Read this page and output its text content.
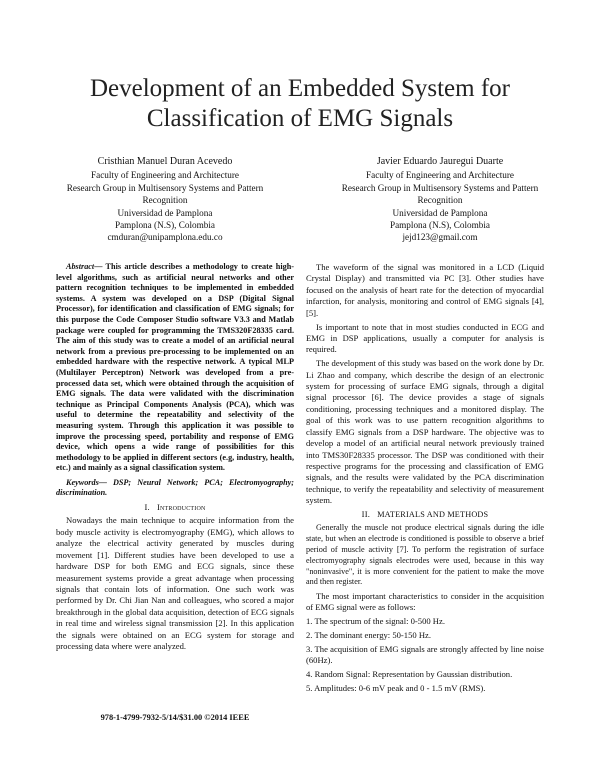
Development of an Embedded System for
Classification of EMG Signals
Cristhian Manuel Duran Acevedo
Faculty of Engineering and Architecture
Research Group in Multisensory Systems and Pattern
Recognition
Universidad de Pamplona
Pamplona (N.S), Colombia
cmduran@unipamplona.edu.co
Javier Eduardo Jauregui Duarte
Faculty of Engineering and Architecture
Research Group in Multisensory Systems and Pattern
Recognition
Universidad de Pamplona
Pamplona (N.S), Colombia
jejd123@gmail.com

Abstract— This article describes a methodology to create high-level algorithms, such as artificial neural networks and other pattern recognition techniques to be implemented in embedded systems. A system was developed on a DSP (Digital Signal Processor), for identification and classification of EMG signals; for this purpose the Code Composer Studio software V3.3 and Matlab package were coupled for programming the TMS320F28335 card. The aim of this study was to create a model of an artificial neural network from a previous pre-processing to be implemented on an embedded hardware with the respective network. A typical MLP (Multilayer Perceptron) Network was developed from a pre-processed data set, which were obtained through the acquisition of EMG signals. The data were validated with the discrimination technique as Principal Components Analysis (PCA), which was useful to determine the repeatability and selectivity of the measuring system. Through this application it was possible to improve the processing speed, portability and response of EMG device, which opens a wide range of possibilities for this methodology to be applied in different sectors (e.g, industry, health, etc.) and mainly as a signal classification system.

Keywords— DSP; Neural Network; PCA; Electromyography; discrimination.

I. Introduction

Nowadays the main technique to acquire information from the body muscle activity is electromyography (EMG), which allows to analyze the electrical activity generated by muscles during movement [1]. Different studies have been developed to use a hardware DSP for both EMG and ECG signals, since these measurement systems provide a great advantage when processing signals that contain lots of information. One such work was performed by Dr. Chi Jian Nan and colleagues, who scored a major breakthrough in the global data acquisition, detection of ECG signals in real time and wireless signal transmission [2]. In this application the signals were obtained on an ECG system for storage and processing data where were analyzed.

978-1-4799-7932-5/14/$31.00 ©2014 IEEE

The waveform of the signal was monitored in a LCD (Liquid Crystal Display) and transmitted via PC [3]. Other studies have focused on the analysis of heart rate for the detection of myocardial infarction, for analysis, monitoring and control of EMG signals [4], [5].

Is important to note that in most studies conducted in ECG and EMG in DSP applications, usually a computer for analysis is required.

The development of this study was based on the work done by Dr. Li Zhao and company, which describe the design of an electronic system for processing of surface EMG signals, through a digital signal processor [6]. The device provides a stage of signals conditioning, processing techniques and a monitored display. The goal of this work was to use pattern recognition algorithms to classify EMG signals from a DSP hardware. The objective was to develop a model of an artificial neural network previously trained into TMS30F28335 processor. The DSP was conditioned with their respective programs for the processing and classification of EMG signals, and the results were validated by the PCA discrimination technique, to verify the repeatability and selectivity of measurement system.

II. MATERIALS AND METHODS

Generally the muscle not produce electrical signals during the idle state, but when an electrode is conditioned is possible to observe a brief period of muscle activity [7]. To perform the registration of surface electromyography signals electrodes were used, because in this way "noninvasive", it is more convenient for the patient to make the move and then register.

The most important characteristics to consider in the acquisition of EMG signal were as follows:

1. The spectrum of the signal: 0-500 Hz.

2. The dominant energy: 50-150 Hz.

3. The acquisition of EMG signals are strongly affected by line noise (60Hz).

4. Random Signal: Representation by Gaussian distribution.

5. Amplitudes: 0-6 mV peak and 0 - 1.5 mV (RMS).
